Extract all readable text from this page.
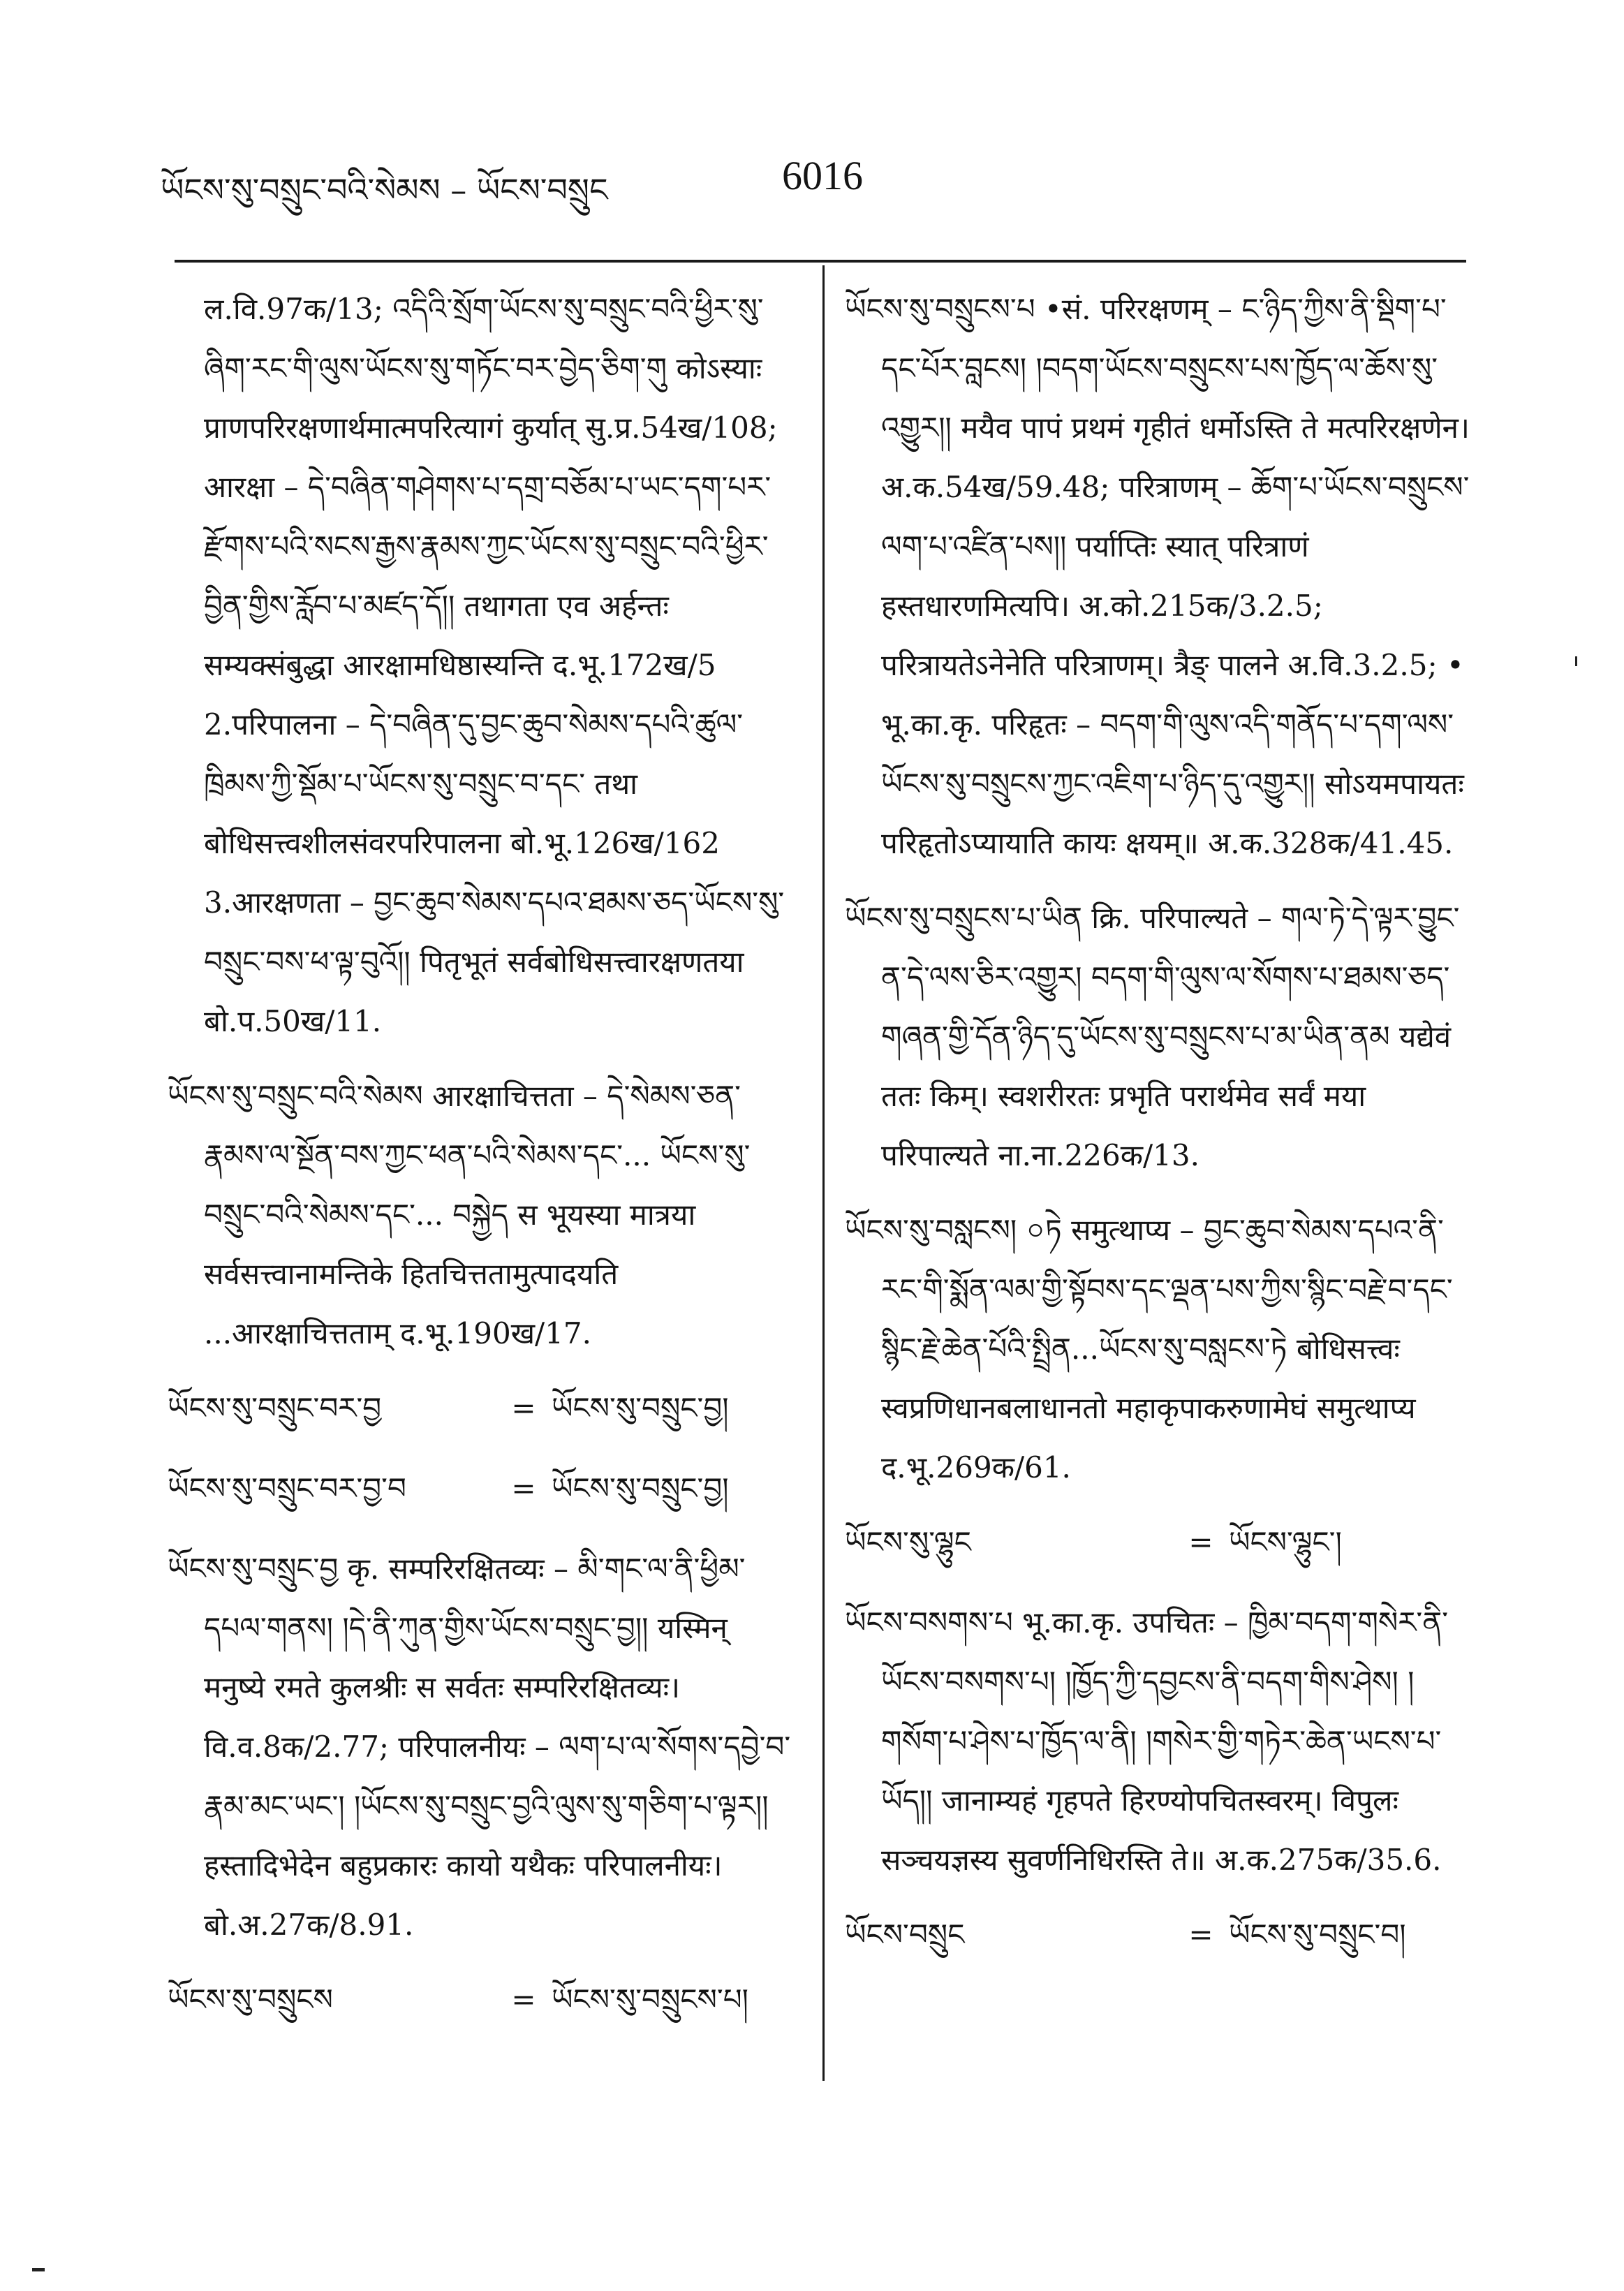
ཡོངས་སུ་བསྲུང་བའི་སེམས – ཡོངས་བསྲུང	6016
ल.वि.97क/13; འདིའི་སྲོག་ཡོངས་སུ་བསྲུང་བའི་ཕྱིར་སུ་ཞིག་རང་གི་ལུས་ཡོངས་སུ་གཏོང་བར་བྱེད་ཅིག་གུ कोऽस्याः प्राणपरिरक्षणार्थमात्मपरित्यागं कुर्यात् सु.प्र.54ख/108; आरक्षा – དེ་བཞིན་གཤེགས་པ་དགྲ་བཅོམ་པ་ཡང་དག་པར་རྫོགས་པའི་སངས་རྒྱས་རྣམས་ཀྱང་ཡོངས་སུ་བསྲུང་བའི་ཕྱིར་བྱིན་གྱིས་རློབ་པ་མཛད་དོ།། तथागता एव अर्हन्तः सम्यक्संबुद्धा आरक्षामधिष्ठास्यन्ति द.भू.172ख/5 2.परिपालना – དེ་བཞིན་དུ་བྱང་ཆུབ་སེམས་དཔའི་ཚུལ་ཁྲིམས་ཀྱི་སྡོམ་པ་ཡོངས་སུ་བསྲུང་བ་དང་ तथा बोधिसत्त्वशीलसंवरपरिपालना बो.भू.126ख/162 3.आरक्षणता – བྱང་ཆུབ་སེམས་དཔའ་ཐམས་ཅད་ཡོངས་སུ་བསྲུང་བས་ཕ་ལྟ་བུའོ།། पितृभूतं सर्वबोधिसत्त्वारक्षणतया बो.प.50ख/11.
ཡོངས་སུ་བསྲུང་བའི་སེམས आरक्षाचित्तता – དེ་སེམས་ཅན་རྣམས་ལ་སྔོན་བས་ཀྱང་ཕན་པའི་སེམས་དང་... ཡོངས་སུ་བསྲུང་བའི་སེམས་དང་... བསྐྱེད स भूयस्या मात्रया सर्वसत्त्वानामन्तिके हितचित्ततामुत्पादयति ...आरक्षाचित्तताम् द.भू.190ख/17.
ཡོངས་སུ་བསྲུང་བར་བྱ	= ཡོངས་སུ་བསྲུང་བྱ།
ཡོངས་སུ་བསྲུང་བར་བྱ་བ	= ཡོངས་སུ་བསྲུང་བྱ།
ཡོངས་སུ་བསྲུང་བྱ कृ. सम्परिरक्षितव्यः – མི་གང་ལ་ནི་ཕྱིམ་དཔལ་གནས། །དེ་ནི་ཀུན་གྱིས་ཡོངས་བསྲུང་བྱ།། यस्मिन् मनुष्ये रमते कुलश्रीः स सर्वतः सम्परिरक्षितव्यः। वि.व.8क/2.77; परिपालनीयः – ལག་པ་ལ་སོགས་དབྱེ་བ་རྣམ་མང་ཡང་། །ཡོངས་སུ་བསྲུང་བྱའི་ལུས་སུ་གཅིག་པ་ལྟར།། हस्तादिभेदेन बहुप्रकारः कायो यथैकः परिपालनीयः। बो.अ.27क/8.91.
ཡོངས་སུ་བསྲུངས	= ཡོངས་སུ་བསྲུངས་པ།
ཡོངས་སུ་བསྲུངས་པ •सं. परिरक्षणम् – ང་ཉིད་ཀྱིས་ནི་སྡིག་པ་དང་པོར་བླངས། །བདག་ཡོངས་བསྲུངས་པས་ཁྱོད་ལ་ཆོས་སུ་འགྱུར།། मयैव पापं प्रथमं गृहीतं धर्मोऽस्ति ते मत्परिरक्षणेन। अ.क.54ख/59.48; परित्राणम् – ཆོག་པ་ཡོངས་བསྲུངས་ལག་པ་འཛིན་པས།། पर्याप्तिः स्यात् परित्राणं हस्तधारणमित्यपि। अ.को.215क/3.2.5; परित्रायतेऽनेनेति परित्राणम्। त्रैङ् पालने अ.वि.3.2.5; • भू.का.कृ. परिहृतः – བདག་གི་ལུས་འདི་གནོད་པ་དག་ལས་ཡོངས་སུ་བསྲུངས་ཀྱང་འཇིག་པ་ཉིད་དུ་འགྱུར།། सोऽयमपायतः परिहृतोऽप्यायाति कायः क्षयम्॥ अ.क.328क/41.45.
ཡོངས་སུ་བསྲུངས་པ་ཡིན क्रि. परिपाल्यते – གལ་ཏེ་དེ་ལྟར་བྱུང་ན་དེ་ལས་ཅིར་འགྱུར། བདག་གི་ལུས་ལ་སོགས་པ་ཐམས་ཅད་གཞན་གྱི་དོན་ཉིད་དུ་ཡོངས་སུ་བསྲུངས་པ་མ་ཡིན་ནམ यद्येवं ततः किम्। स्वशरीरतः प्रभृति परार्थमेव सर्वं मया परिपाल्यते ना.ना.226क/13.
ཡོངས་སུ་བསླངས། ০ཏེ समुत्थाप्य – བྱང་ཆུབ་སེམས་དཔའ་ནི་རང་གི་སྨོན་ལམ་གྱི་སྟོབས་དང་ལྡན་པས་ཀྱིས་སྙིང་བརྗེ་བ་དང་སྙིང་རྗེ་ཆེན་པོའི་སྤྲིན...ཡོངས་སུ་བསླངས་ཏེ बोधिसत्त्वः स्वप्रणिधानबलाधानतो महाकृपाकरुणामेघं समुत्थाप्य द.भू.269क/61.
ཡོངས་སུ་ལྷུང	= ཡོངས་ལྷུང་།
ཡོངས་བསགས་པ भू.का.कृ. उपचितः – ཁྱིམ་བདག་གསེར་ནི་ཡོངས་བསགས་པ། །ཁྱོད་ཀྱི་དབྱངས་ནི་བདག་གིས་ཤེས། །གསོག་པ་ཤེས་པ་ཁྱོད་ལ་ནི། །གསེར་གྱི་གཏེར་ཆེན་ཡངས་པ་ཡོད།། जानाम्यहं गृहपते हिरण्योपचितस्वरम्। विपुलः सञ्चयज्ञस्य सुवर्णनिधिरस्ति ते॥ अ.क.275क/35.6.
ཡོངས་བསྲུང	= ཡོངས་སུ་བསྲུང་བ།
